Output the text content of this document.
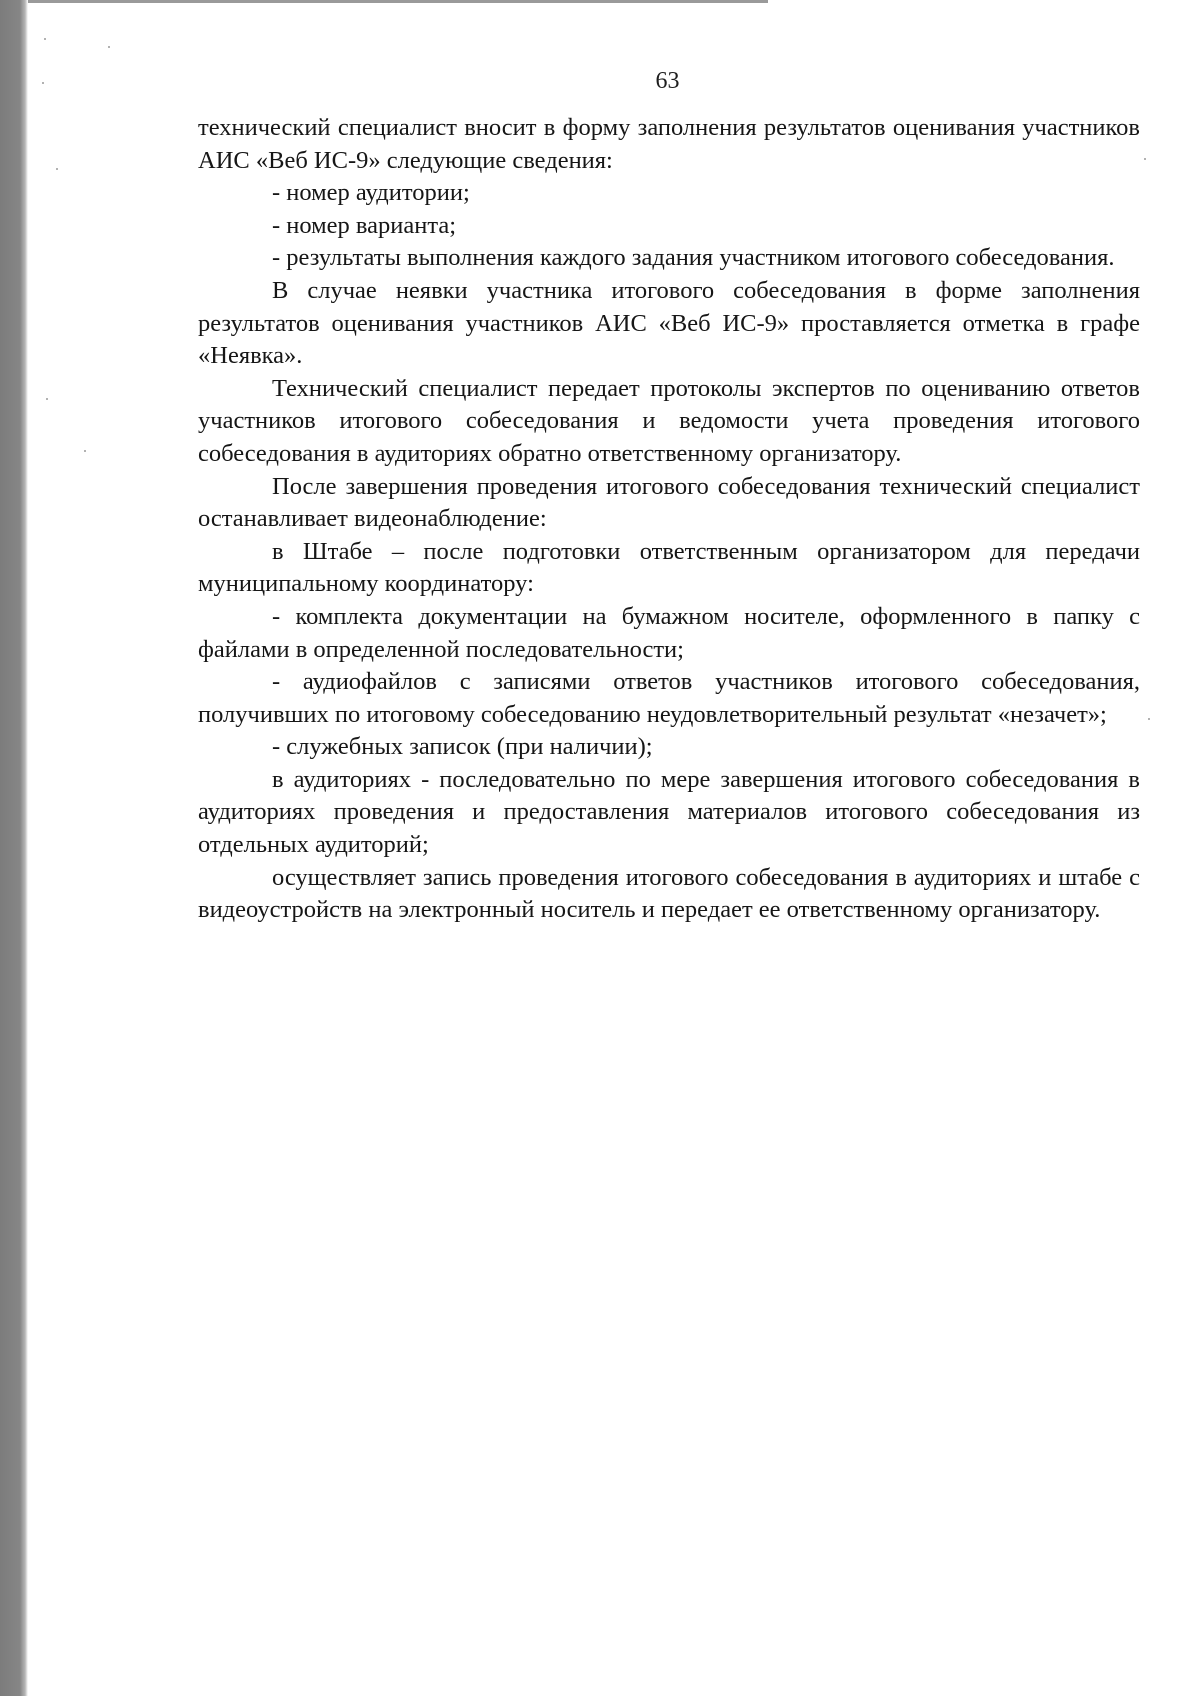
63

технический специалист вносит в форму заполнения результатов оценивания участников АИС «Веб ИС-9» следующие сведения:

- номер аудитории;

- номер варианта;

- результаты выполнения каждого задания участником итогового собеседования.

В случае неявки участника итогового собеседования в форме заполнения результатов оценивания участников АИС «Веб ИС-9» проставляется отметка в графе «Неявка».

Технический специалист передает протоколы экспертов по оцениванию ответов участников итогового собеседования и ведомости учета проведения итогового собеседования в аудиториях обратно ответственному организатору.

После завершения проведения итогового собеседования технический специалист останавливает видеонаблюдение:

в Штабе – после подготовки ответственным организатором для передачи муниципальному координатору:

- комплекта документации на бумажном носителе, оформленного в папку с файлами в определенной последовательности;

- аудиофайлов с записями ответов участников итогового собеседования, получивших по итоговому собеседованию неудовлетворительный результат «незачет»;

- служебных записок (при наличии);

в аудиториях - последовательно по мере завершения итогового собеседования в аудиториях проведения и предоставления материалов итогового собеседования из отдельных аудиторий;

осуществляет запись проведения итогового собеседования в аудиториях и штабе с видеоустройств на электронный носитель и передает ее ответственному организатору.
